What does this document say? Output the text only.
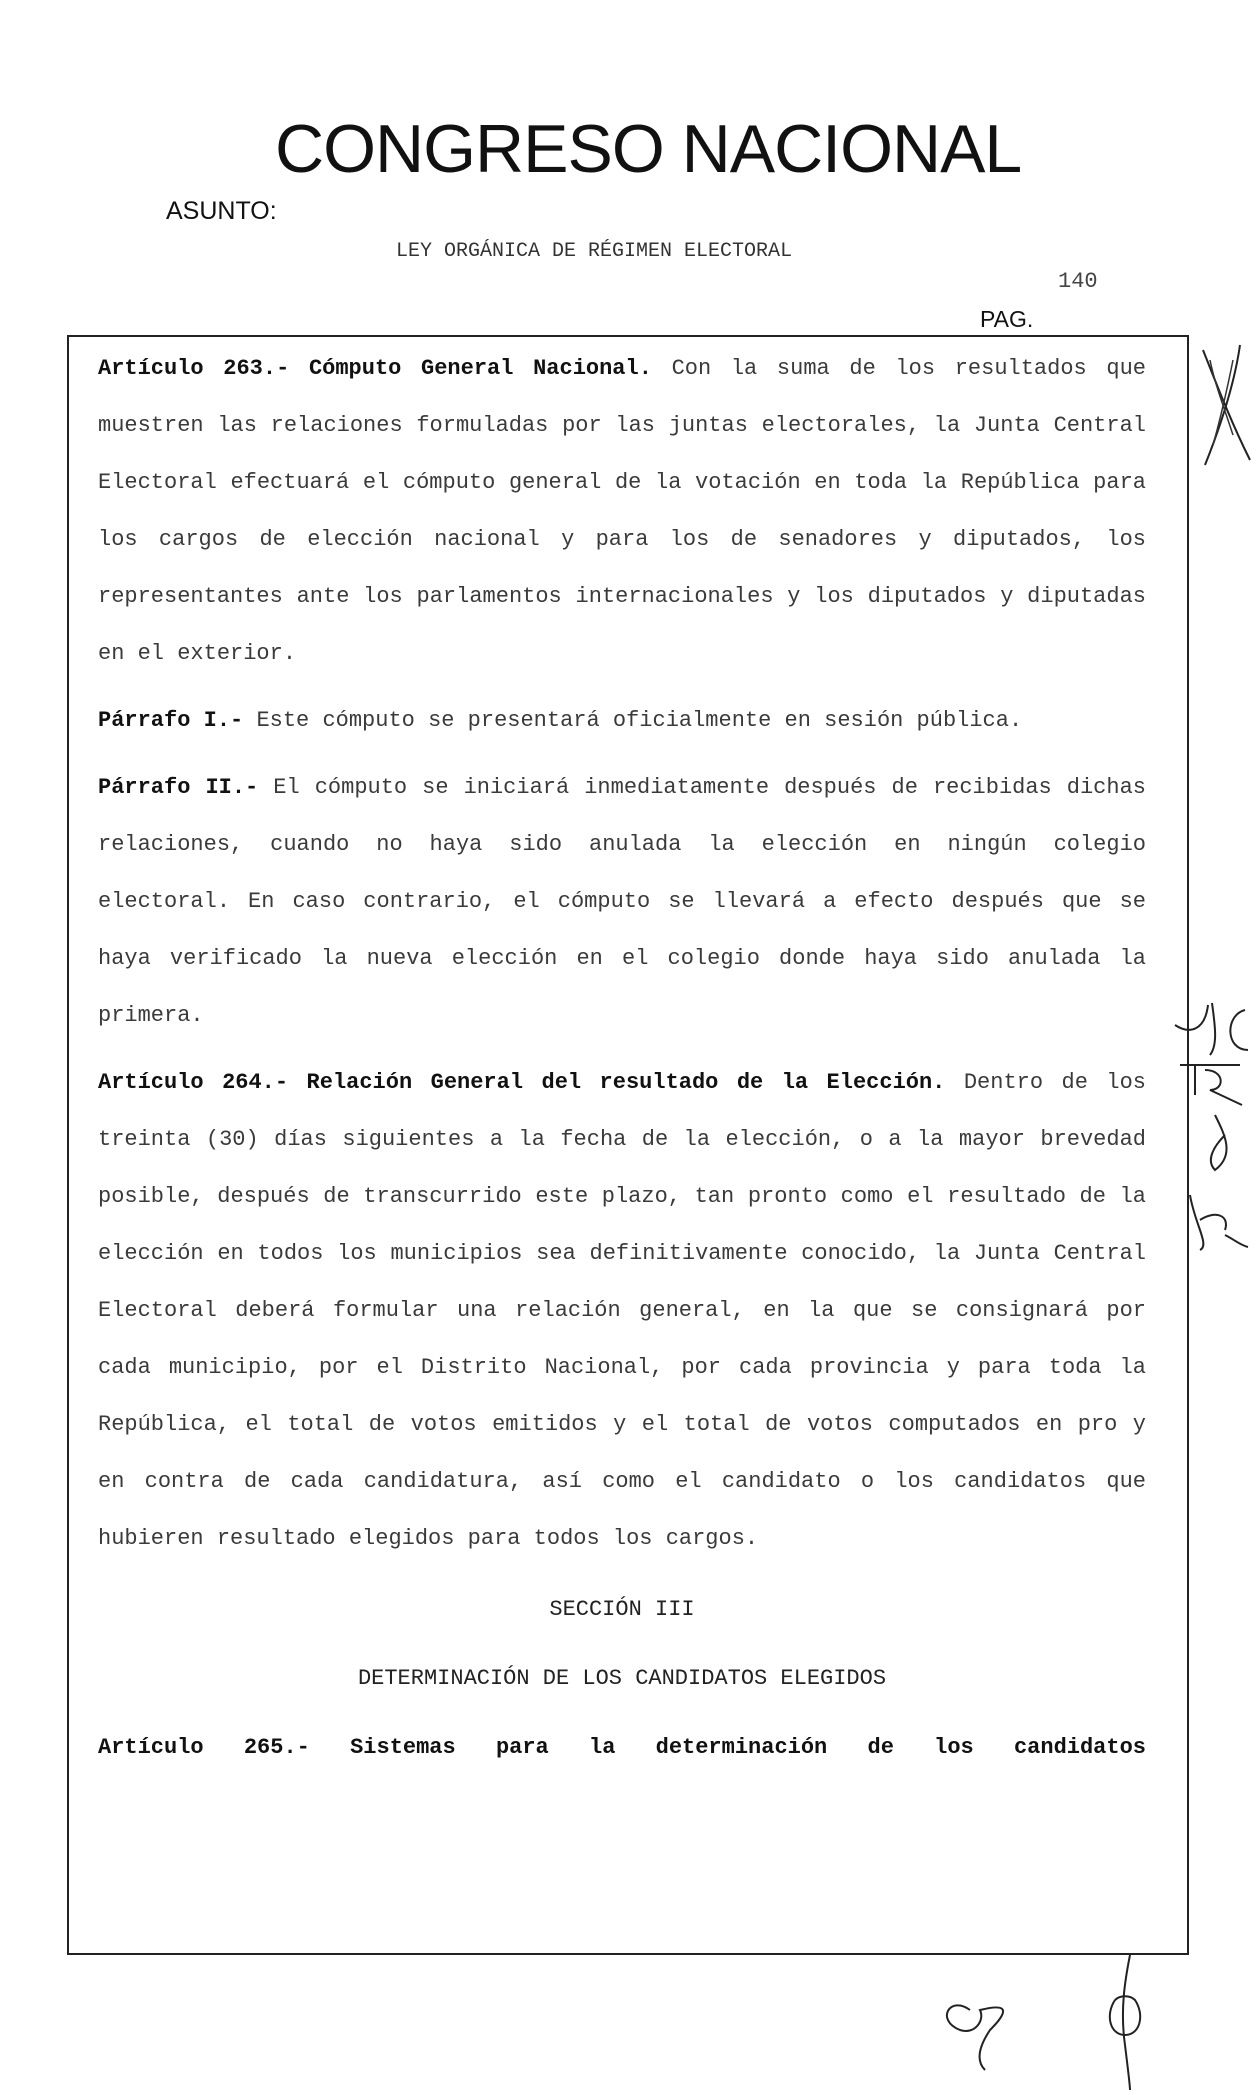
CONGRESO NACIONAL
ASUNTO:
LEY ORGÁNICA DE RÉGIMEN ELECTORAL
140
PAG.

Artículo 263.- Cómputo General Nacional. Con la suma de los resultados que muestren las relaciones formuladas por las juntas electorales, la Junta Central Electoral efectuará el cómputo general de la votación en toda la República para los cargos de elección nacional y para los de senadores y diputados, los representantes ante los parlamentos internacionales y los diputados y diputadas en el exterior.

Párrafo I.- Este cómputo se presentará oficialmente en sesión pública.

Párrafo II.- El cómputo se iniciará inmediatamente después de recibidas dichas relaciones, cuando no haya sido anulada la elección en ningún colegio electoral. En caso contrario, el cómputo se llevará a efecto después que se haya verificado la nueva elección en el colegio donde haya sido anulada la primera.

Artículo 264.- Relación General del resultado de la Elección. Dentro de los treinta (30) días siguientes a la fecha de la elección, o a la mayor brevedad posible, después de transcurrido este plazo, tan pronto como el resultado de la elección en todos los municipios sea definitivamente conocido, la Junta Central Electoral deberá formular una relación general, en la que se consignará por cada municipio, por el Distrito Nacional, por cada provincia y para toda la República, el total de votos emitidos y el total de votos computados en pro y en contra de cada candidatura, así como el candidato o los candidatos que hubieren resultado elegidos para todos los cargos.

SECCIÓN III
DETERMINACIÓN DE LOS CANDIDATOS ELEGIDOS

Artículo 265.- Sistemas para la determinación de los candidatos
